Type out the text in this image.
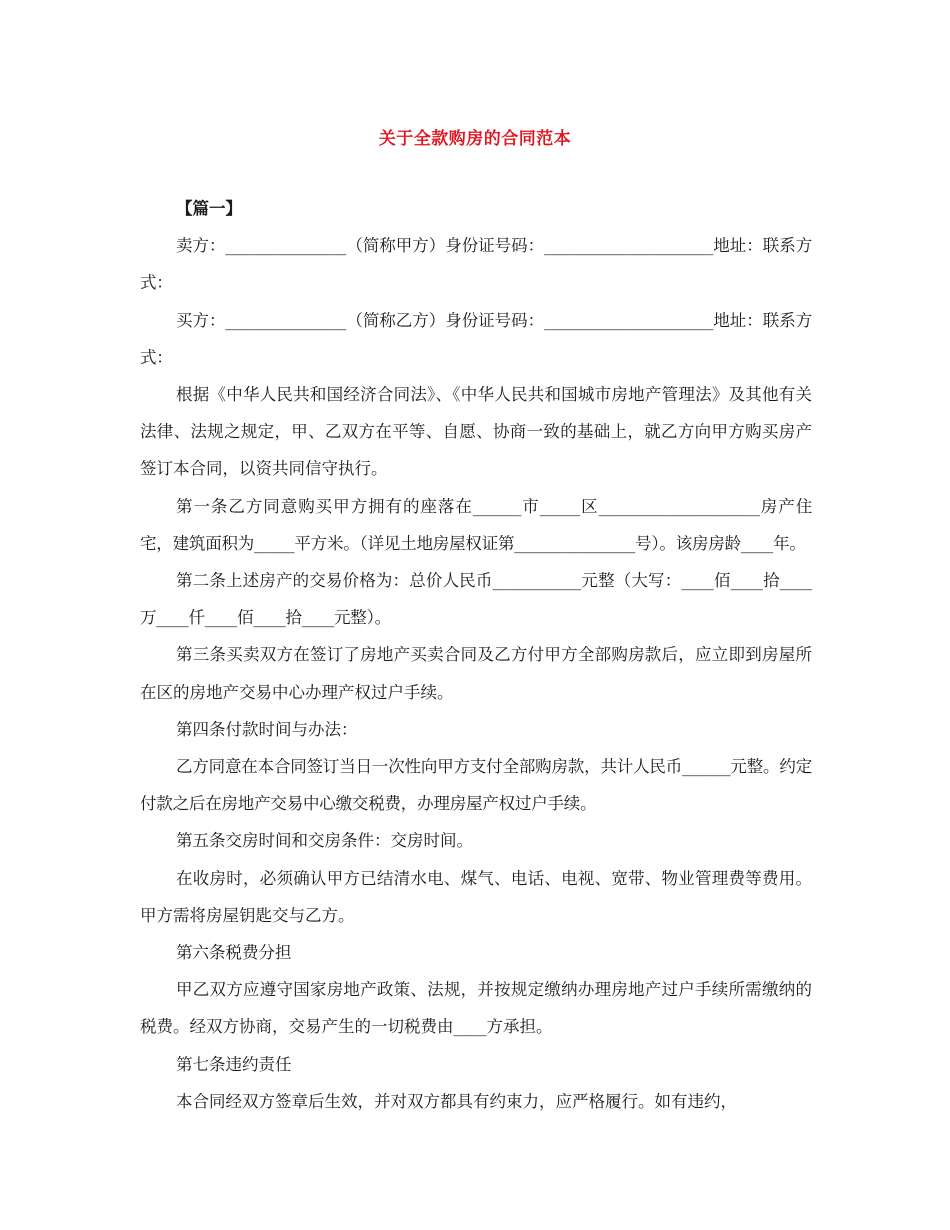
关于全款购房的合同范本

【篇一】

卖方：_______________（简称甲方）身份证号码：_____________________地址：联系方式：

买方：_______________（简称乙方）身份证号码：_____________________地址：联系方式：

根据《中华人民共和国经济合同法》、《中华人民共和国城市房地产管理法》及其他有关法律、法规之规定，甲、乙双方在平等、自愿、协商一致的基础上，就乙方向甲方购买房产签订本合同，以资共同信守执行。

第一条乙方同意购买甲方拥有的座落在______市_____区____________________房产住宅，建筑面积为_____平方米。（详见土地房屋权证第_______________号）。该房房龄____年。

第二条上述房产的交易价格为：总价人民币___________元整（大写：____佰____拾____万____仟____佰____拾____元整）。

第三条买卖双方在签订了房地产买卖合同及乙方付甲方全部购房款后，应立即到房屋所在区的房地产交易中心办理产权过户手续。

第四条付款时间与办法：

乙方同意在本合同签订当日一次性向甲方支付全部购房款，共计人民币______元整。约定付款之后在房地产交易中心缴交税费，办理房屋产权过户手续。

第五条交房时间和交房条件：交房时间。

在收房时，必须确认甲方已结清水电、煤气、电话、电视、宽带、物业管理费等费用。甲方需将房屋钥匙交与乙方。

第六条税费分担

甲乙双方应遵守国家房地产政策、法规，并按规定缴纳办理房地产过户手续所需缴纳的税费。经双方协商，交易产生的一切税费由____方承担。

第七条违约责任

本合同经双方签章后生效，并对双方都具有约束力，应严格履行。如有违约，
